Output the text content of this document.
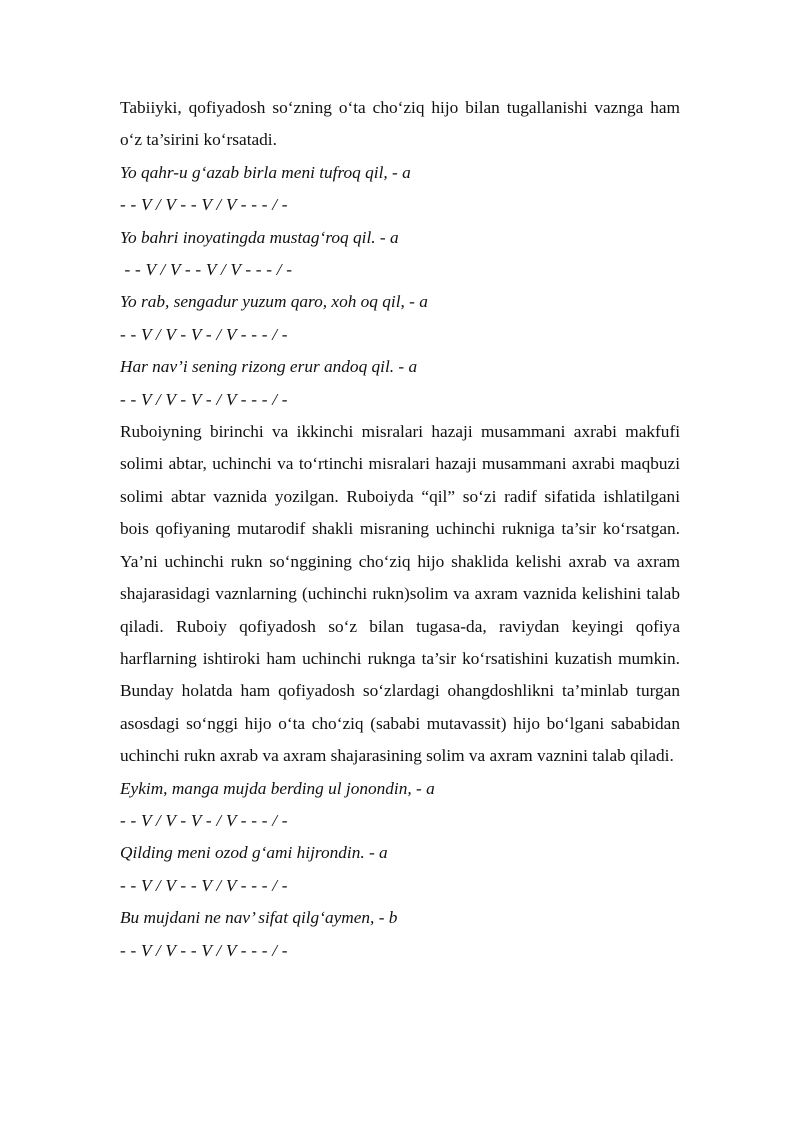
Tabiiyki, qofiyadosh so‘zning o‘ta cho‘ziq hijo bilan tugallanishi vaznga ham o‘z ta’sirini ko‘rsatadi.

Yo qahr-u g‘azab birla meni tufroq qil, - a

- - V / V - - V / V - - - / -

Yo bahri inoyatingda mustag‘roq qil. - a

- - V / V - - V / V - - - / -

Yo rab, sengadur yuzum qaro, xoh oq qil, - a

- - V / V - V - / V - - - / -

Har nav’i sening rizong erur andoq qil. - a

- - V / V - V - / V - - - / -

Ruboiyning birinchi va ikkinchi misralari hazaji musammani axrabi makfufi solimi abtar, uchinchi va to‘rtinchi misralari hazaji musammani axrabi maqbuzi solimi abtar vaznida yozilgan. Ruboiyda “qil” so‘zi radif sifatida ishlatilgani bois qofiyaning mutarodif shakli misraning uchinchi rukniga ta’sir ko‘rsatgan. Ya’ni uchinchi rukn so‘nggining cho‘ziq hijo shaklida kelishi axrab va axram shajarasidagi vaznlarning (uchinchi rukn)solim va axram vaznida kelishini talab qiladi. Ruboiy qofiyadosh so‘z bilan tugasa-da, raviydan keyingi qofiya harflarning ishtiroki ham uchinchi ruknga ta’sir ko‘rsatishini kuzatish mumkin. Bunday holatda ham qofiyadosh so‘zlardagi ohangdoshlikni ta’minlab turgan asosdagi so‘nggi hijo o‘ta cho‘ziq (sababi mutavassit) hijo bo‘lgani sababidan uchinchi rukn axrab va axram shajarasining solim va axram vaznini talab qiladi.

Eykim, manga mujda berding ul jonondin, - a

- - V / V - V - / V - - - / -

Qilding meni ozod g‘ami hijrondin. - a

- - V / V - - V / V - - - / -

Bu mujdani ne nav’ sifat qilg‘aymen, - b

- - V / V - - V / V - - - / -
